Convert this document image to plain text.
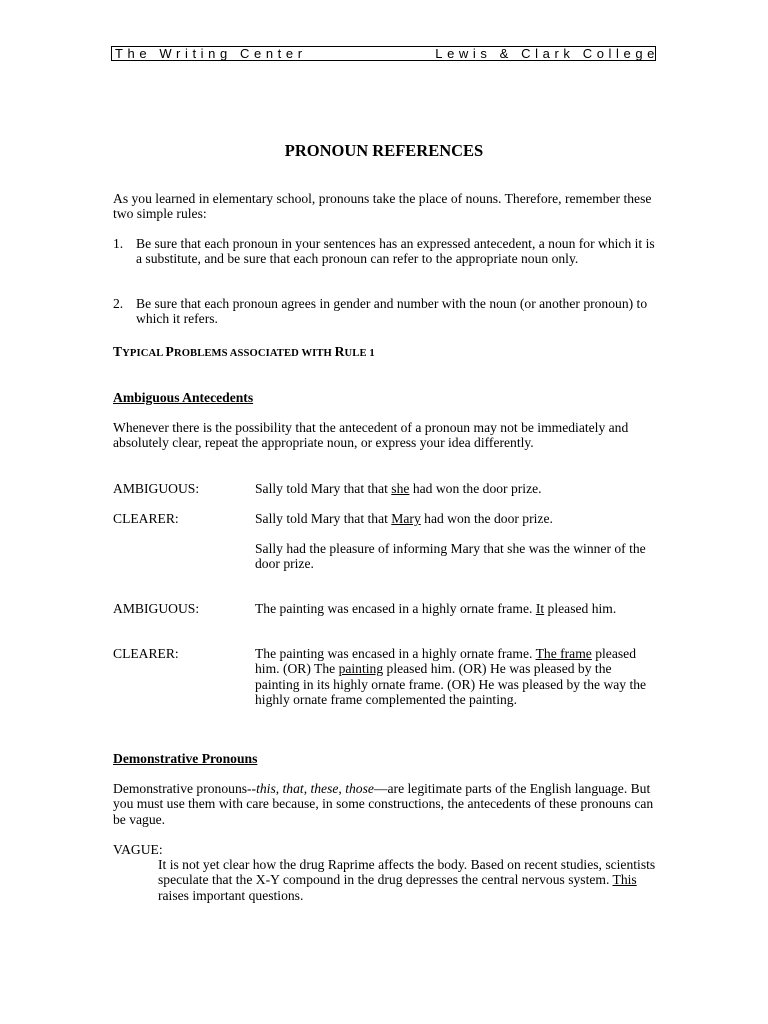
The Writing Center	Lewis & Clark College
PRONOUN REFERENCES
As you learned in elementary school, pronouns take the place of nouns. Therefore, remember these two simple rules:
1. Be sure that each pronoun in your sentences has an expressed antecedent, a noun for which it is a substitute, and be sure that each pronoun can refer to the appropriate noun only.
2. Be sure that each pronoun agrees in gender and number with the noun (or another pronoun) to which it refers.
TYPICAL PROBLEMS ASSOCIATED WITH RULE 1
Ambiguous Antecedents
Whenever there is the possibility that the antecedent of a pronoun may not be immediately and absolutely clear, repeat the appropriate noun, or express your idea differently.
AMBIGUOUS:	Sally told Mary that that she had won the door prize.
CLEARER:	Sally told Mary that that Mary had won the door prize.
Sally had the pleasure of informing Mary that she was the winner of the door prize.
AMBIGUOUS:	The painting was encased in a highly ornate frame. It pleased him.
CLEARER:	The painting was encased in a highly ornate frame. The frame pleased him. (OR) The painting pleased him. (OR) He was pleased by the painting in its highly ornate frame. (OR) He was pleased by the way the highly ornate frame complemented the painting.
Demonstrative Pronouns
Demonstrative pronouns--this, that, these, those—are legitimate parts of the English language. But you must use them with care because, in some constructions, the antecedents of these pronouns can be vague.
VAGUE:
It is not yet clear how the drug Raprime affects the body. Based on recent studies, scientists speculate that the X-Y compound in the drug depresses the central nervous system. This raises important questions.
